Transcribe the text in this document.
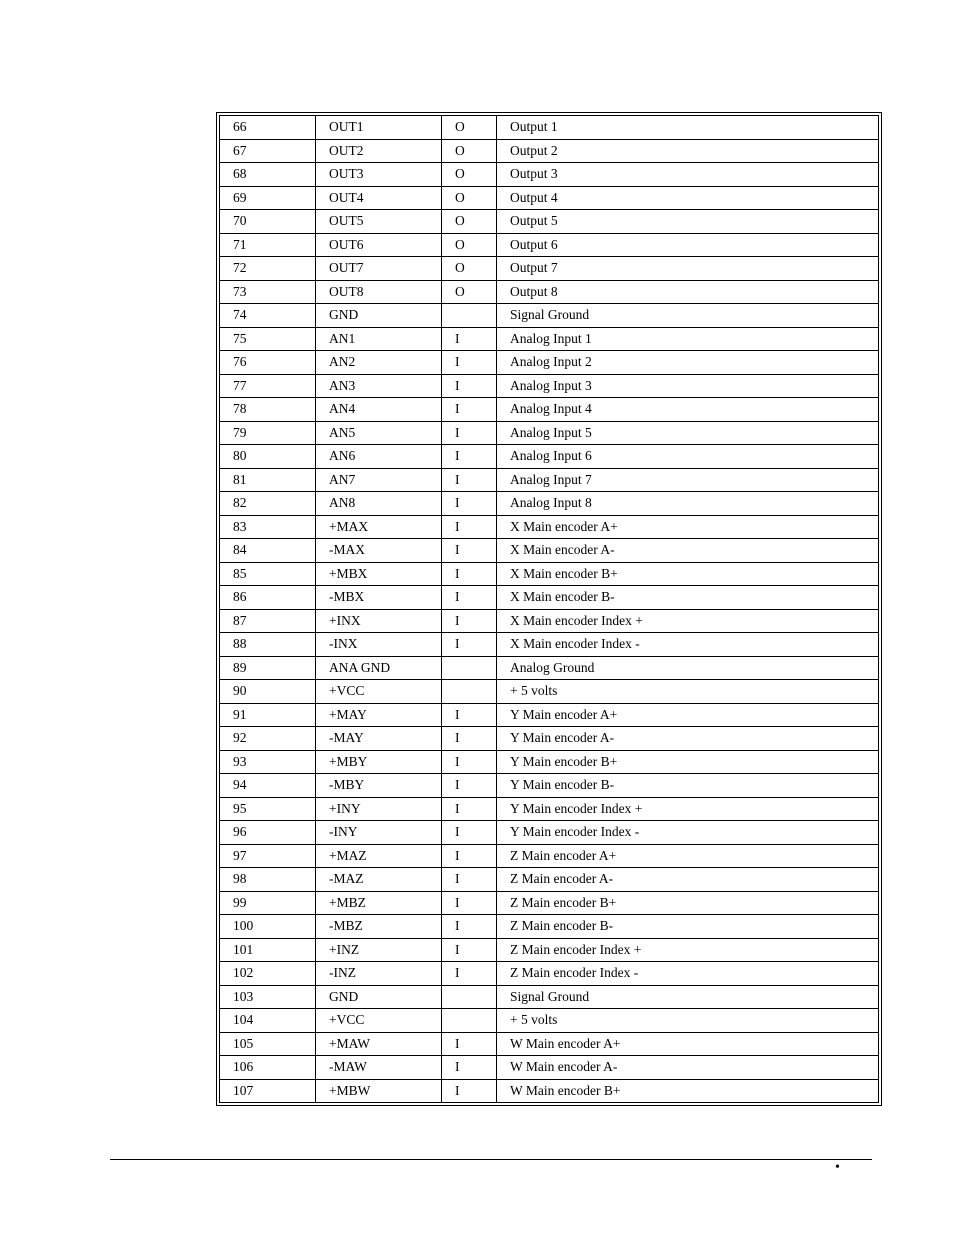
66	OUT1	O	Output 1
67	OUT2	O	Output 2
68	OUT3	O	Output 3
69	OUT4	O	Output 4
70	OUT5	O	Output 5
71	OUT6	O	Output 6
72	OUT7	O	Output 7
73	OUT8	O	Output 8
74	GND		Signal Ground
75	AN1	I	Analog Input 1
76	AN2	I	Analog Input 2
77	AN3	I	Analog Input 3
78	AN4	I	Analog Input 4
79	AN5	I	Analog Input 5
80	AN6	I	Analog Input 6
81	AN7	I	Analog Input 7
82	AN8	I	Analog Input 8
83	+MAX	I	X Main encoder A+
84	-MAX	I	X Main encoder A-
85	+MBX	I	X Main encoder B+
86	-MBX	I	X Main encoder B-
87	+INX	I	X Main encoder Index +
88	-INX	I	X Main encoder Index -
89	ANA GND		Analog Ground
90	+VCC		+ 5 volts
91	+MAY	I	Y Main encoder A+
92	-MAY	I	Y Main encoder A-
93	+MBY	I	Y Main encoder B+
94	-MBY	I	Y Main encoder B-
95	+INY	I	Y Main encoder Index +
96	-INY	I	Y Main encoder Index -
97	+MAZ	I	Z Main encoder A+
98	-MAZ	I	Z Main encoder A-
99	+MBZ	I	Z Main encoder B+
100	-MBZ	I	Z Main encoder B-
101	+INZ	I	Z Main encoder Index +
102	-INZ	I	Z Main encoder Index -
103	GND		Signal Ground
104	+VCC		+ 5 volts
105	+MAW	I	W Main encoder A+
106	-MAW	I	W Main encoder A-
107	+MBW	I	W Main encoder B+
•
